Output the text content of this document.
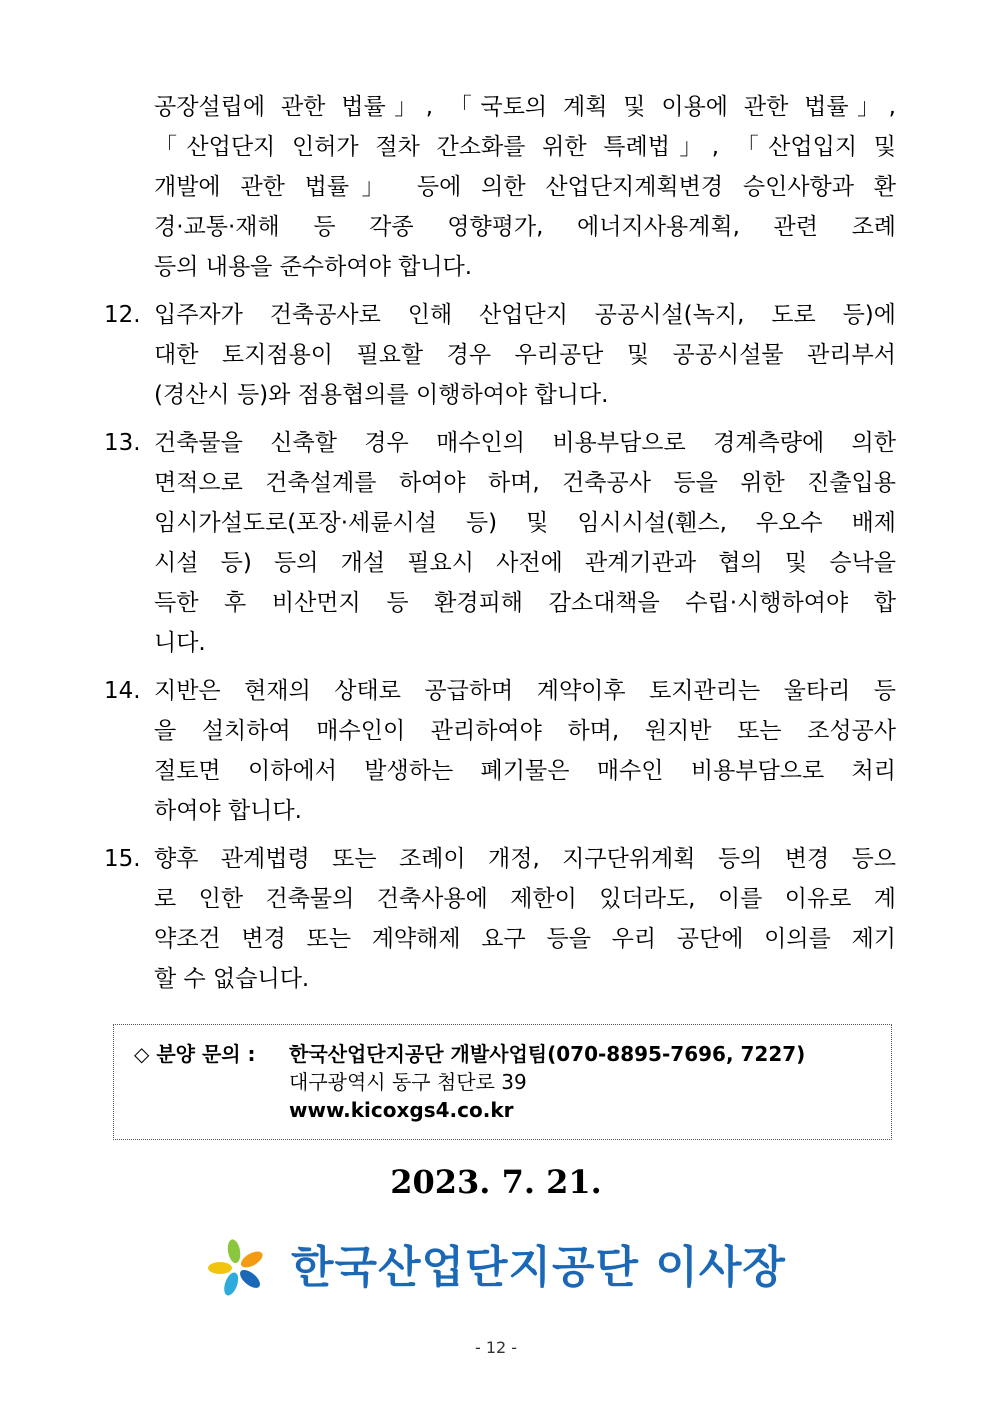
공장설립에 관한 법률」, 「국토의 계획 및 이용에 관한 법률」,
「산업단지 인허가 절차 간소화를 위한 특례법」, 「산업입지 및
개발에 관한 법률」 등에 의한 산업단지계획변경 승인사항과 환
경·교통·재해 등 각종 영향평가, 에너지사용계획, 관련 조례
등의 내용을 준수하여야 합니다.
12. 입주자가 건축공사로 인해 산업단지 공공시설(녹지, 도로 등)에
대한 토지점용이 필요할 경우 우리공단 및 공공시설물 관리부서
(경산시 등)와 점용협의를 이행하여야 합니다.
13. 건축물을 신축할 경우 매수인의 비용부담으로 경계측량에 의한
면적으로 건축설계를 하여야 하며, 건축공사 등을 위한 진출입용
임시가설도로(포장·세륜시설 등) 및 임시시설(휀스, 우오수 배제
시설 등) 등의 개설 필요시 사전에 관계기관과 협의 및 승낙을
득한 후 비산먼지 등 환경피해 감소대책을 수립·시행하여야 합
니다.
14. 지반은 현재의 상태로 공급하며 계약이후 토지관리는 울타리 등
을 설치하여 매수인이 관리하여야 하며, 원지반 또는 조성공사
절토면 이하에서 발생하는 폐기물은 매수인 비용부담으로 처리
하여야 합니다.
15. 향후 관계법령 또는 조례이 개정, 지구단위계획 등의 변경 등으
로 인한 건축물의 건축사용에 제한이 있더라도, 이를 이유로 계
약조건 변경 또는 계약해제 요구 등을 우리 공단에 이의를 제기
할 수 없습니다.
◇ 분양 문의 : 한국산업단지공단 개발사업팀(070-8895-7696, 7227)
대구광역시 동구 첨단로 39
www.kicoxgs4.co.kr
2023. 7. 21.
한국산업단지공단 이사장
- 12 -
